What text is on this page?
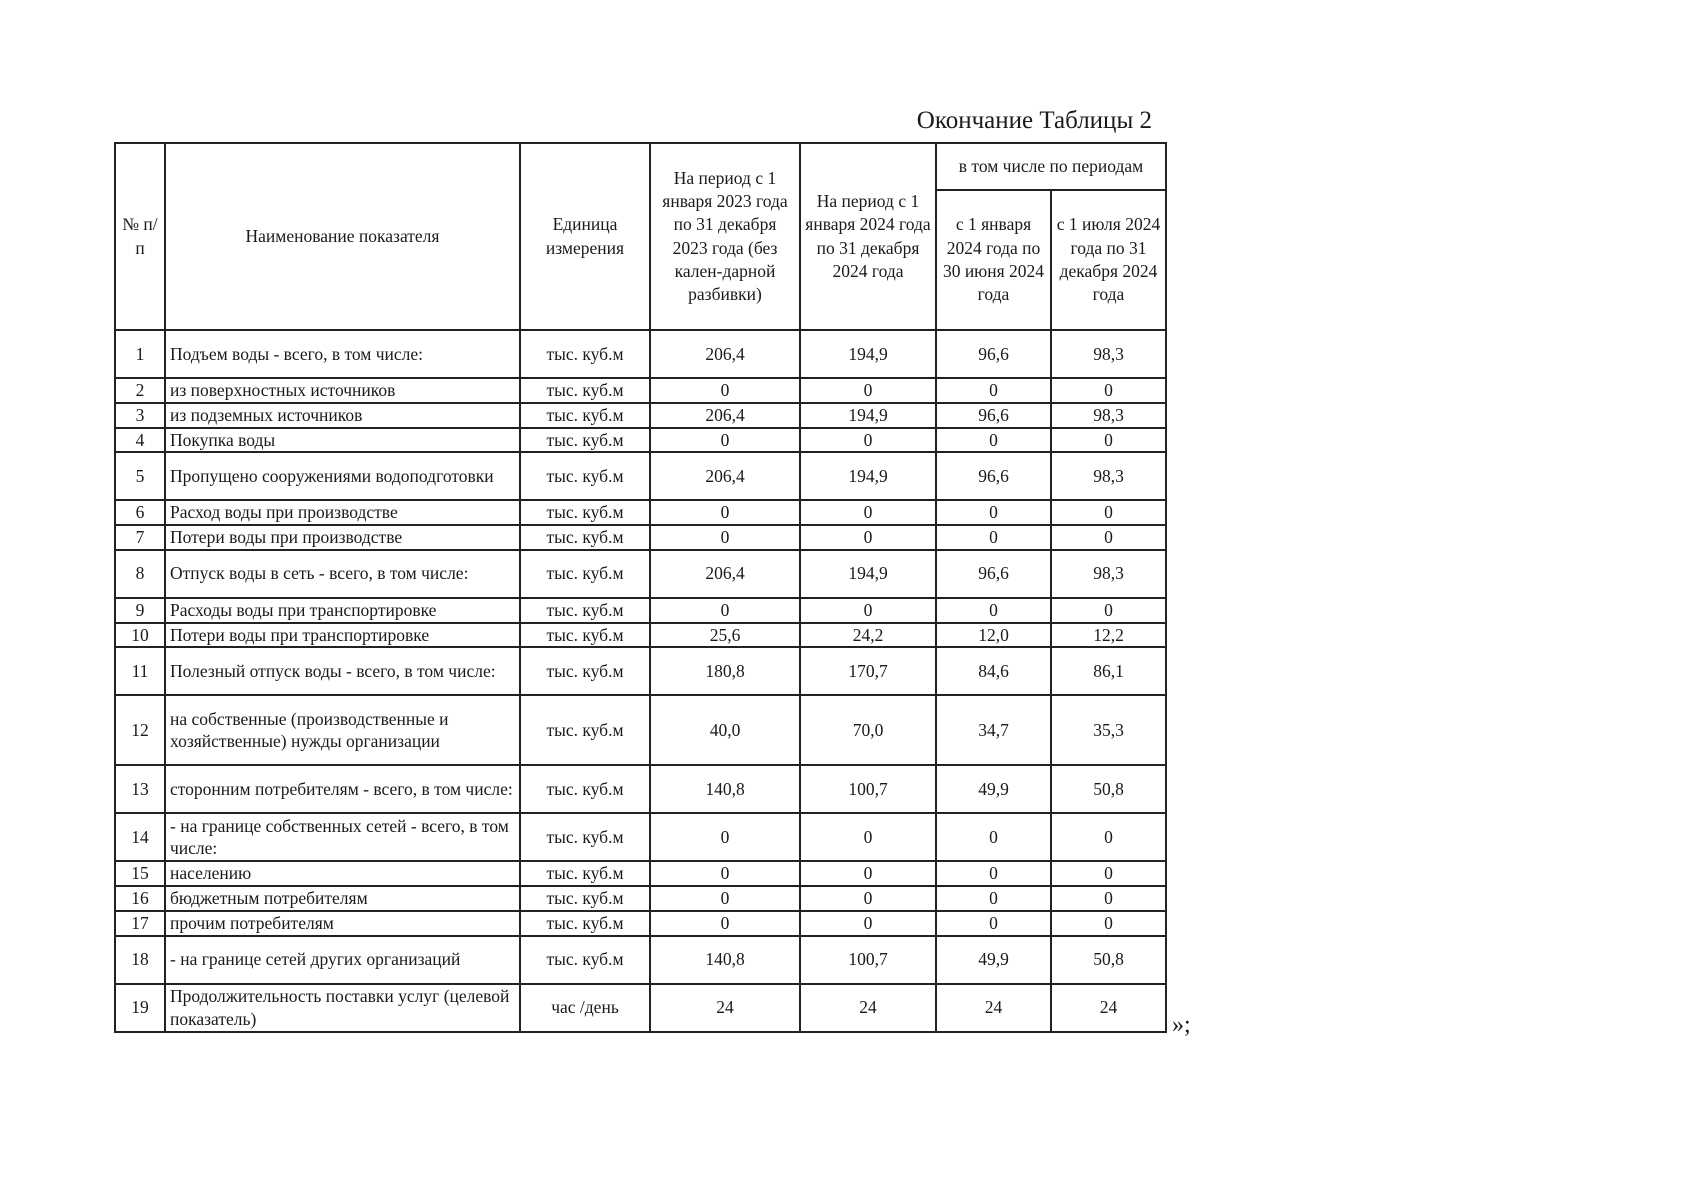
Окончание Таблицы 2
№ п/п	Наименование показателя	Единица измерения	На период с 1 января 2023 года по 31 декабря 2023 года (без кален-дарной разбивки)	На период с 1 января 2024 года по 31 декабря 2024 года	в том числе по периодам	
					с 1 января 2024 года по 30 июня 2024 года	с 1 июля 2024 года по 31 декабря 2024 года
1	Подъем воды - всего, в том числе:	тыс. куб.м	206,4	194,9	96,6	98,3
2	из поверхностных источников	тыс. куб.м	0	0	0	0
3	из подземных источников	тыс. куб.м	206,4	194,9	96,6	98,3
4	Покупка воды	тыс. куб.м	0	0	0	0
5	Пропущено сооружениями водоподготовки	тыс. куб.м	206,4	194,9	96,6	98,3
6	Расход воды при производстве	тыс. куб.м	0	0	0	0
7	Потери воды при производстве	тыс. куб.м	0	0	0	0
8	Отпуск воды в сеть - всего, в том числе:	тыс. куб.м	206,4	194,9	96,6	98,3
9	Расходы воды при транспортировке	тыс. куб.м	0	0	0	0
10	Потери воды при транспортировке	тыс. куб.м	25,6	24,2	12,0	12,2
11	Полезный отпуск воды - всего, в том числе:	тыс. куб.м	180,8	170,7	84,6	86,1
12	на собственные (производственные и хозяйственные) нужды организации	тыс. куб.м	40,0	70,0	34,7	35,3
13	сторонним потребителям - всего, в том числе:	тыс. куб.м	140,8	100,7	49,9	50,8
14	- на границе собственных сетей - всего, в том числе:	тыс. куб.м	0	0	0	0
15	населению	тыс. куб.м	0	0	0	0
16	бюджетным потребителям	тыс. куб.м	0	0	0	0
17	прочим потребителям	тыс. куб.м	0	0	0	0
18	- на границе сетей других организаций	тыс. куб.м	140,8	100,7	49,9	50,8
19	Продолжительность поставки услуг (целевой показатель)	час /день	24	24	24	24
»;
